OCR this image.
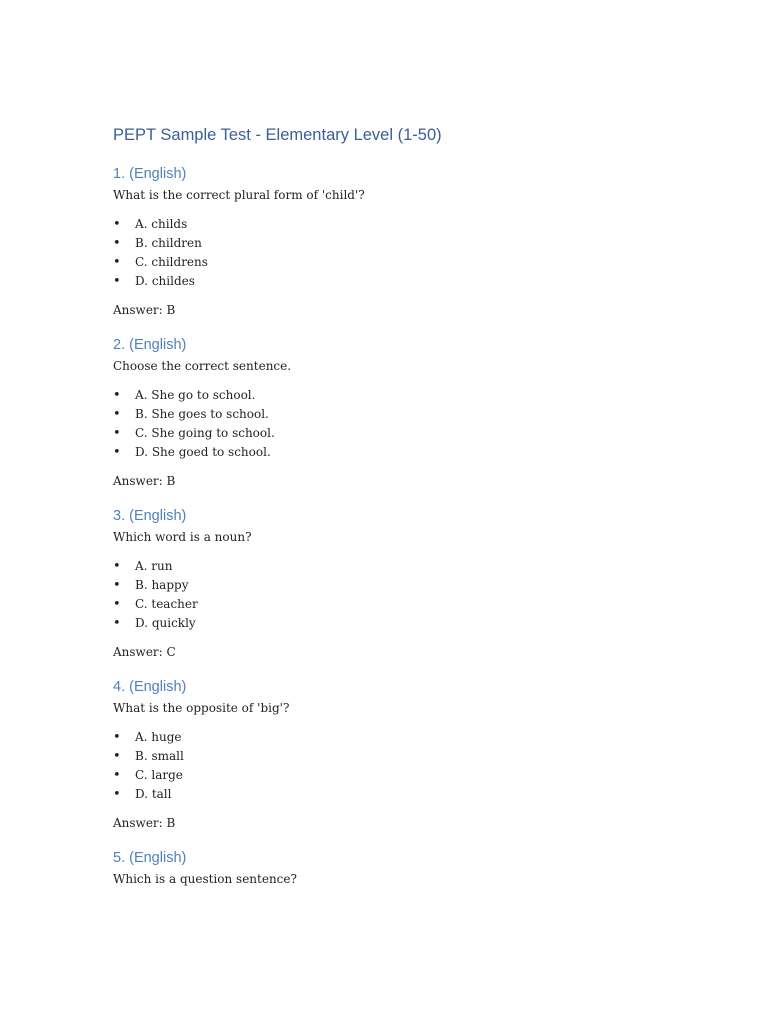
PEPT Sample Test - Elementary Level (1-50)
1. (English)

What is the correct plural form of 'child'?

• A. childs
• B. children
• C. childrens
• D. childes

Answer: B

2. (English)

Choose the correct sentence.

• A. She go to school.
• B. She goes to school.
• C. She going to school.
• D. She goed to school.

Answer: B

3. (English)

Which word is a noun?

• A. run
• B. happy
• C. teacher
• D. quickly

Answer: C

4. (English)

What is the opposite of 'big'?

• A. huge
• B. small
• C. large
• D. tall

Answer: B

5. (English)

Which is a question sentence?
